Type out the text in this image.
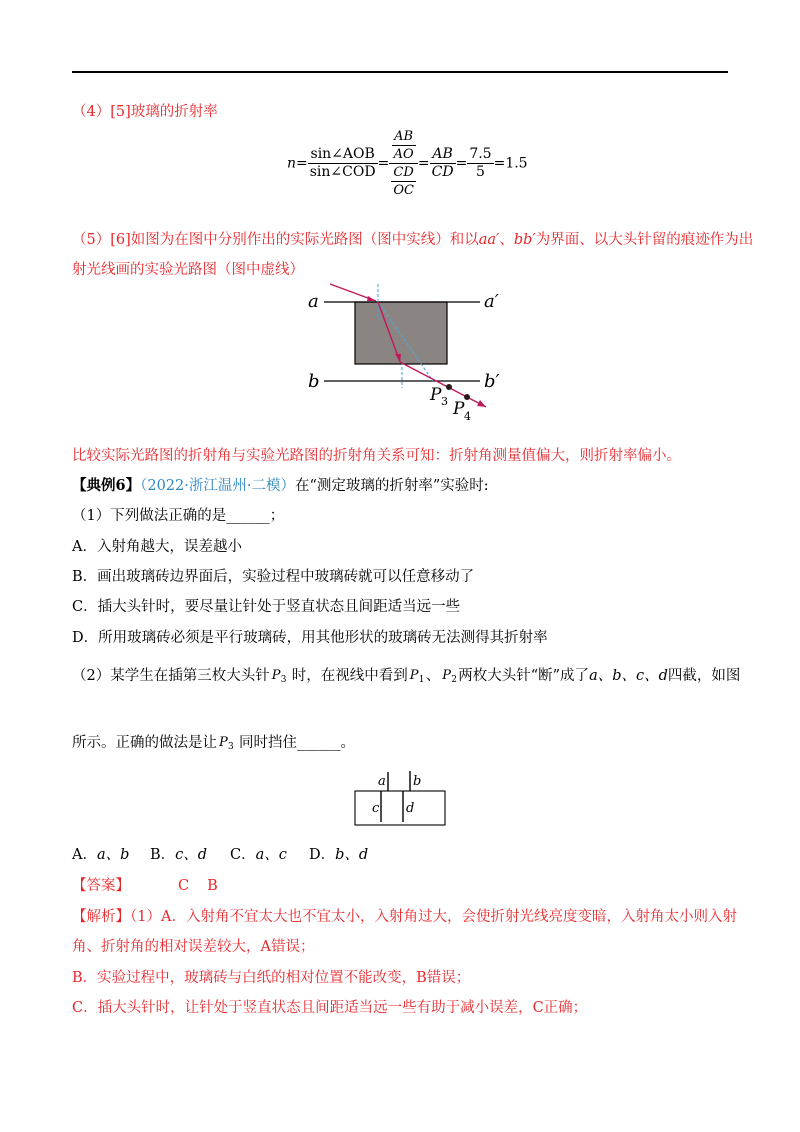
（4）[5]玻璃的折射率
$n= \frac{\text{sin∠AOB}}{\text{sin∠COD}} = \frac{\frac{AB}{AO}}{\frac{CD}{OC}} = \frac{AB}{CD} = \frac{7.5}{5} =1.5$
（5）[6]如图为在图中分别作出的实际光路图（图中实线）和以aa′、bb′为界面、以大头针留的痕迹作为出
射光线画的实验光路图（图中虚线）
a	a′
b	b′
P 3 P 4
比较实际光路图的折射角与实验光路图的折射角关系可知：折射角测量值偏大，则折射率偏小。
【典例6】（2022·浙江温州·二模）在“测定玻璃的折射率”实验时:
（1）下列做法正确的是______；
A．入射角越大，误差越小
B．画出玻璃砖边界面后，实验过程中玻璃砖就可以任意移动了
C．插大头针时，要尽量让针处于竖直状态且间距适当远一些
D．所用玻璃砖必须是平行玻璃砖，用其他形状的玻璃砖无法测得其折射率
（2）某学生在插第三枚大头针 P 3 时，在视线中看到 P 1 、 P 2 两枚大头针“断”成了a、b、c、d四截，如图
所示。正确的做法是让 P 3 同时挡住______。
a b
c d
A．a、b B．c、d C．a、c D．b、d
【答案】	C B
【解析】（1）A．入射角不宜太大也不宜太小，入射角过大，会使折射光线亮度变暗，入射角太小则入射
角、折射角的相对误差较大，A错误；
B．实验过程中，玻璃砖与白纸的相对位置不能改变，B错误；
C．插大头针时，让针处于竖直状态且间距适当远一些有助于减小误差，C正确；
